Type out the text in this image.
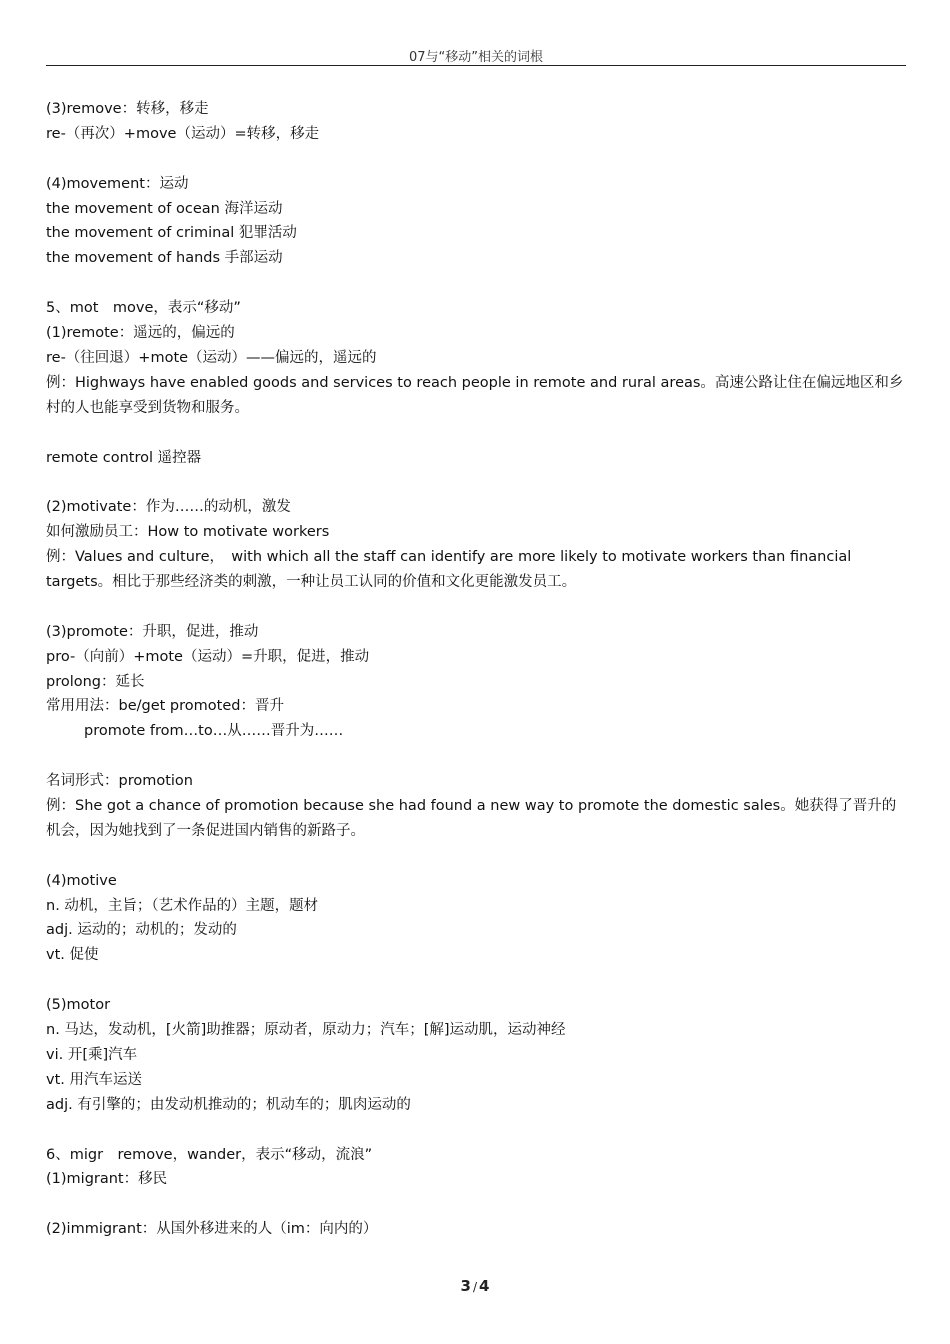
07与“移动”相关的词根
(3)remove：转移，移走
re-（再次）+move（运动）=转移，移走
(4)movement：运动
the movement of ocean 海洋运动
the movement of criminal 犯罪活动
the movement of hands 手部运动
5、mot　move，表示“移动”
(1)remote：遥远的，偏远的
re-（往回退）+mote（运动）——偏远的，遥远的
例：Highways have enabled goods and services to reach people in remote and rural areas。高速公路让住在偏远地区和乡村的人也能享受到货物和服务。
remote control 遥控器
(2)motivate：作为……的动机，激发
如何激励员工：How to motivate workers
例：Values and culture，　with which all the staff can identify are more likely to motivate workers than financial targets。相比于那些经济类的刺激，一种让员工认同的价值和文化更能激发员工。
(3)promote：升职，促进，推动
pro-（向前）+mote（运动）=升职，促进，推动
prolong：延长
常用用法：be/get promoted：晋升
promote from…to…从……晋升为……
名词形式：promotion
例：She got a chance of promotion because she had found a new way to promote the domestic sales。她获得了晋升的机会，因为她找到了一条促进国内销售的新路子。
(4)motive
n. 动机，主旨；（艺术作品的）主题，题材
adj. 运动的；动机的；发动的
vt. 促使
(5)motor
n. 马达，发动机，[火箭]助推器；原动者，原动力；汽车；[解]运动肌，运动神经
vi. 开[乘]汽车
vt. 用汽车运送
adj. 有引擎的；由发动机推动的；机动车的；肌肉运动的
6、migr　remove，wander，表示“移动，流浪”
(1)migrant：移民
(2)immigrant：从国外移进来的人（im：向内的）
3 / 4
